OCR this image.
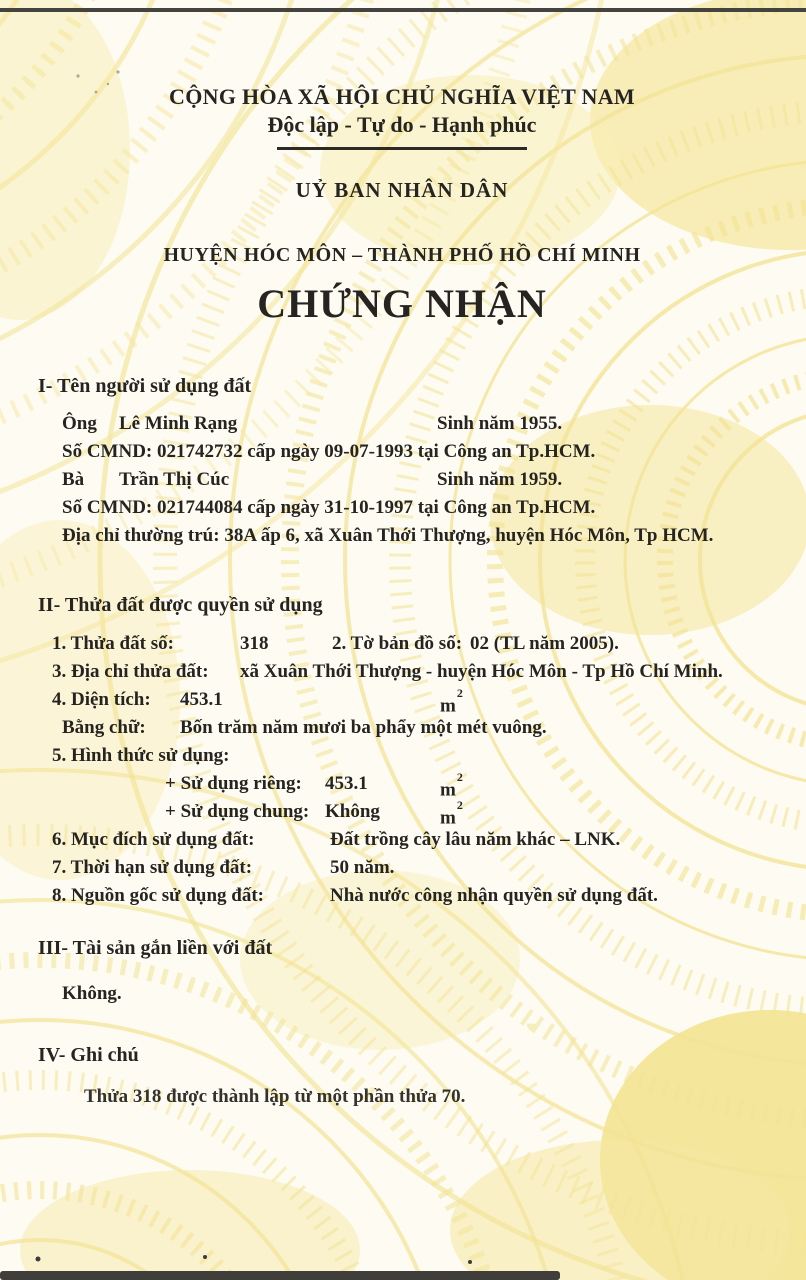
CỘNG HÒA XÃ HỘI CHỦ NGHĨA VIỆT NAM
Độc lập - Tự do - Hạnh phúc
UỶ BAN NHÂN DÂN
HUYỆN HÓC MÔN – THÀNH PHỐ HỒ CHÍ MINH
CHỨNG NHẬN
I- Tên người sử dụng đất
Ông	Lê Minh Rạng	Sinh năm 1955.
Số CMND: 021742732 cấp ngày 09-07-1993 tại Công an Tp.HCM.
Bà	Trần Thị Cúc	Sinh năm 1959.
Số CMND: 021744084 cấp ngày 31-10-1997 tại Công an Tp.HCM.
Địa chỉ thường trú: 38A ấp 6, xã Xuân Thới Thượng, huyện Hóc Môn, Tp HCM.
II- Thửa đất được quyền sử dụng
1. Thửa đất số:	318	2. Tờ bản đồ số: 02 (TL năm 2005).
3. Địa chỉ thửa đất:	xã Xuân Thới Thượng - huyện Hóc Môn - Tp Hồ Chí Minh.
4. Diện tích:	453.1	$m^2$
Bằng chữ:	Bốn trăm năm mươi ba phẩy một mét vuông.
5. Hình thức sử dụng:
+ Sử dụng riêng:	453.1	$m^2$
+ Sử dụng chung: Không	$m^2$
6. Mục đích sử dụng đất:	Đất trồng cây lâu năm khác – LNK.
7. Thời hạn sử dụng đất:	50 năm.
8. Nguồn gốc sử dụng đất:	Nhà nước công nhận quyền sử dụng đất.
III- Tài sản gắn liền với đất
Không.
IV- Ghi chú
Thửa 318 được thành lập từ một phần thửa 70.
